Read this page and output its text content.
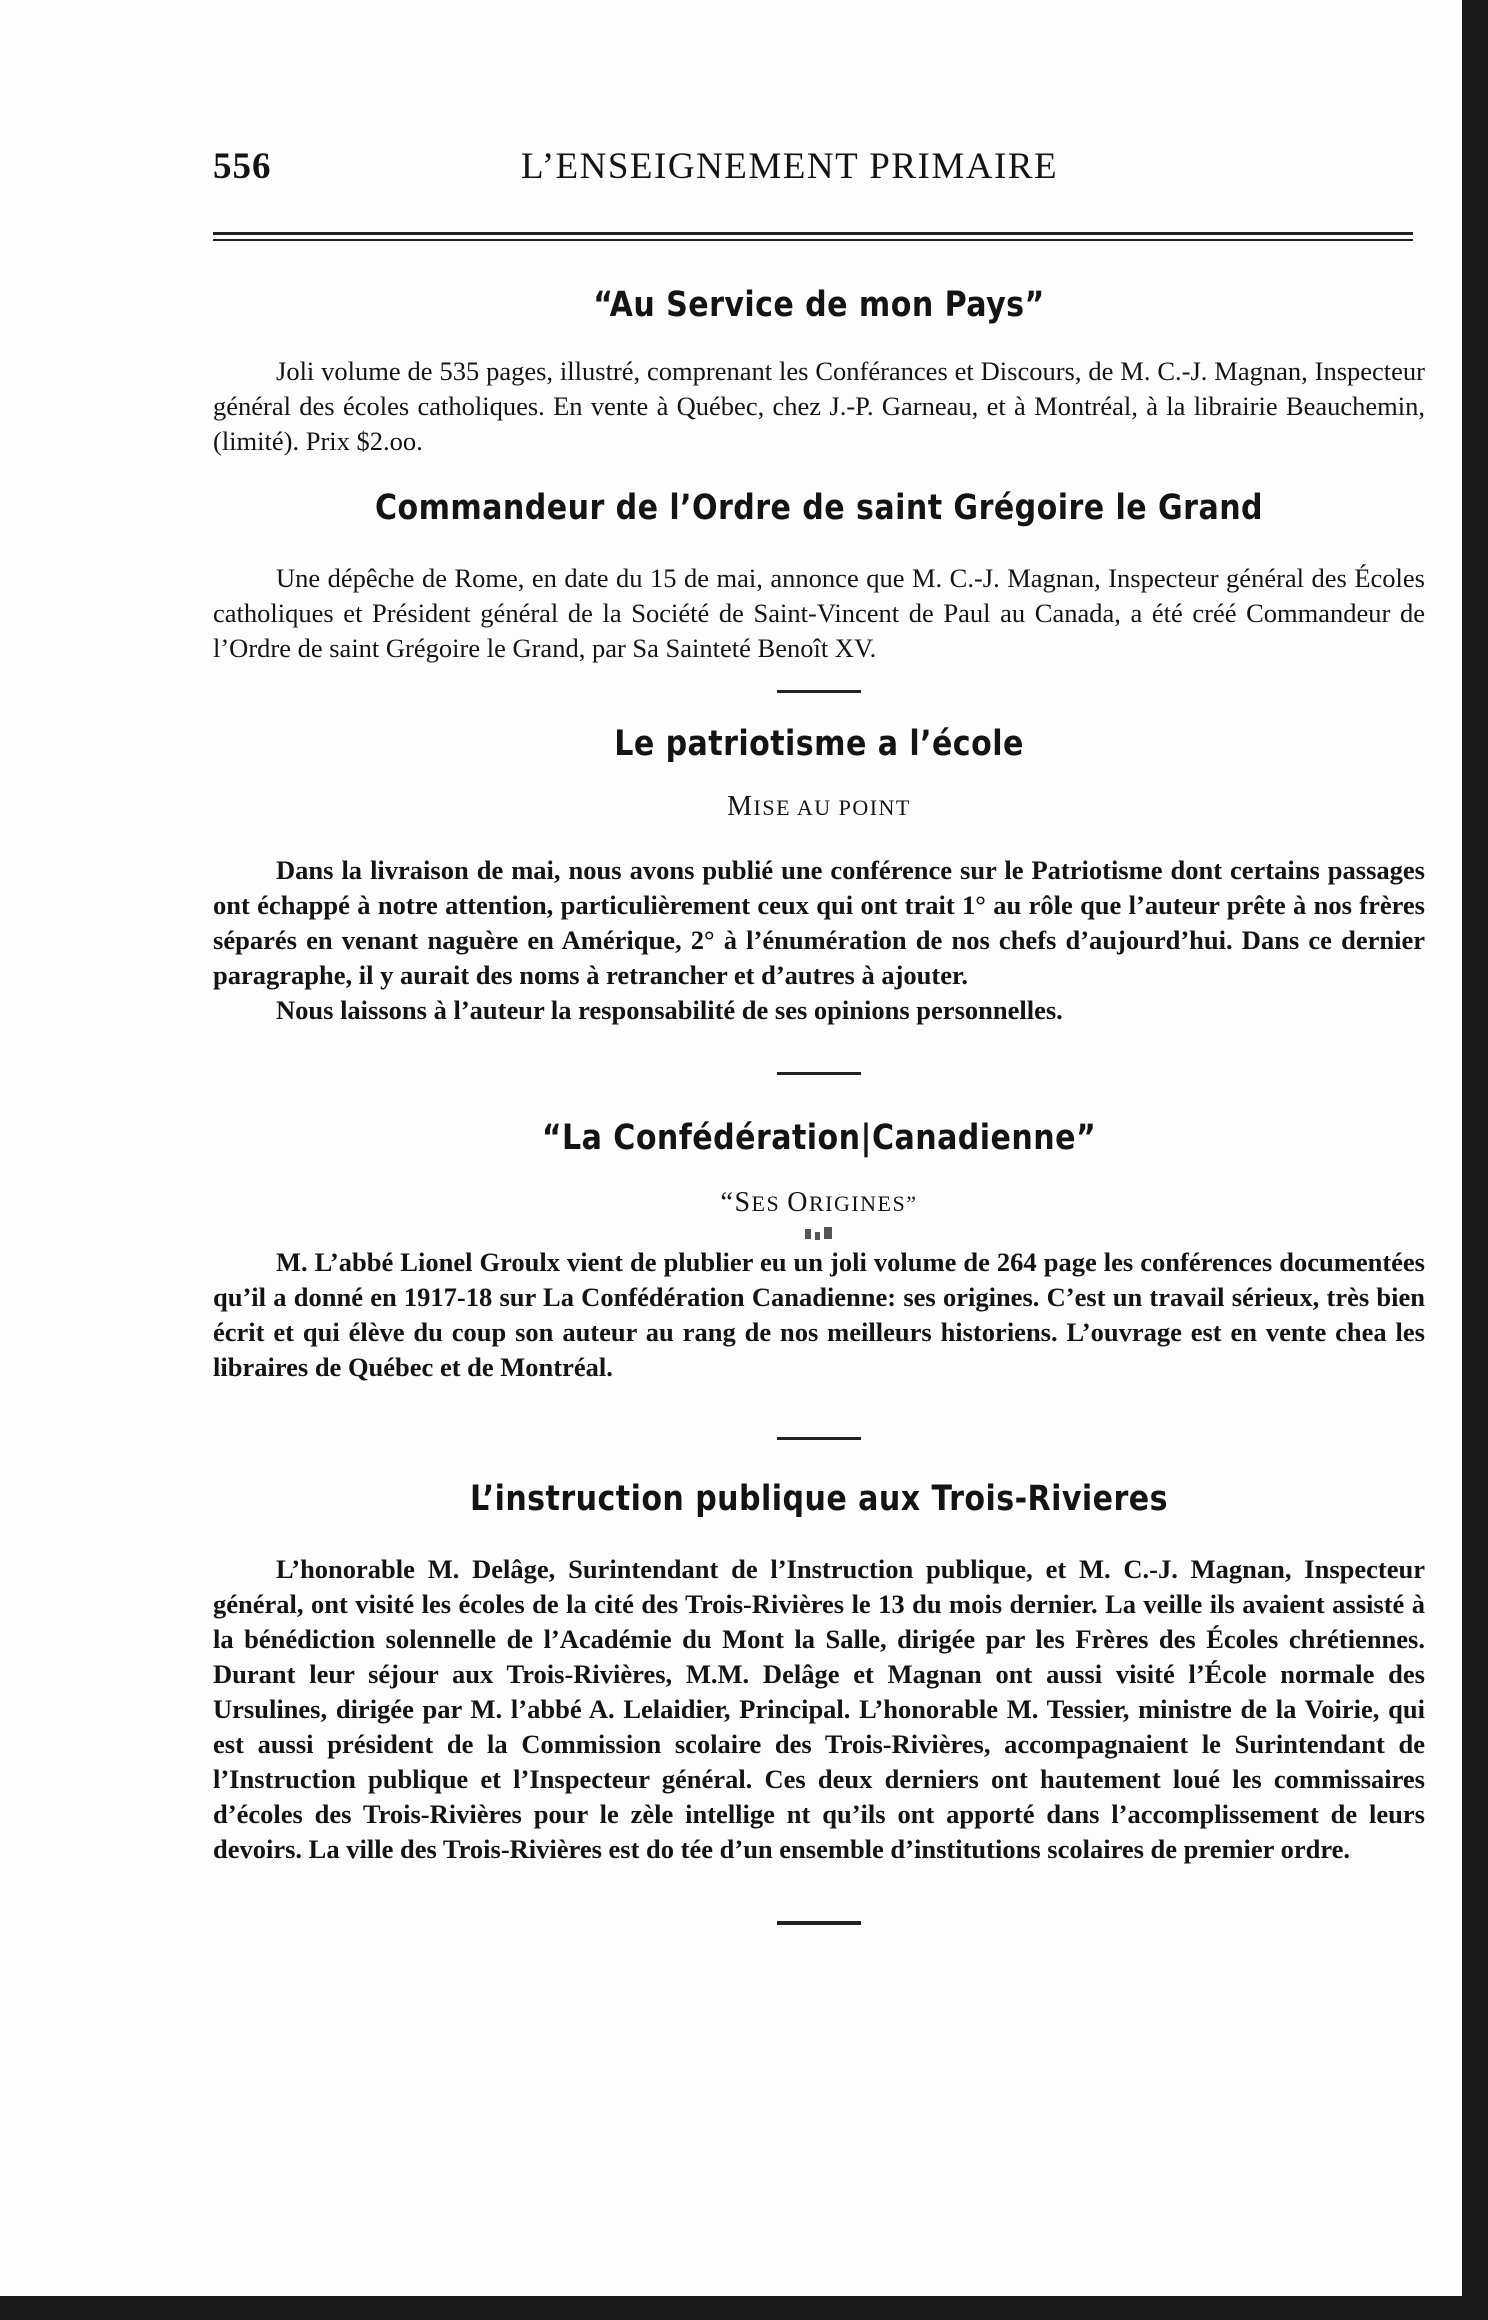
556	L’ENSEIGNEMENT PRIMAIRE
“Au Service de mon Pays”

Joli volume de 535 pages, illustré, comprenant les Conférances et Discours, de M. C.-J. Magnan, Inspecteur général des écoles catholiques. En vente à Québec, chez J.-P. Garneau, et à Montréal, à la librairie Beauchemin, (limité). Prix $2.oo.

Commandeur de l’Ordre de saint Grégoire le Grand

Une dépêche de Rome, en date du 15 de mai, annonce que M. C.-J. Magnan, Inspecteur général des Écoles catholiques et Président général de la Société de Saint-Vincent de Paul au Canada, a été créé Commandeur de l’Ordre de saint Grégoire le Grand, par Sa Sainteté Benoît XV.

Le patriotisme a l’école

MISE AU POINT

Dans la livraison de mai, nous avons publié une conférence sur le Patriotisme dont certains passages ont échappé à notre attention, particulièrement ceux qui ont trait 1° au rôle que l’auteur prête à nos frères séparés en venant naguère en Amérique, 2° à l’énumération de nos chefs d’aujourd’hui. Dans ce dernier paragraphe, il y aurait des noms à retrancher et d’autres à ajouter.

Nous laissons à l’auteur la responsabilité de ses opinions personnelles.

“La Confédération|Canadienne”

“SES ORIGINES”

M. L’abbé Lionel Groulx vient de plublier eu un joli volume de 264 page les conférences documentées qu’il a donné en 1917-18 sur La Confédération Canadienne: ses origines. C’est un travail sérieux, très bien écrit et qui élève du coup son auteur au rang de nos meilleurs historiens. L’ouvrage est en vente chea les libraires de Québec et de Montréal.

L’instruction publique aux Trois-Rivieres

L’honorable M. Delâge, Surintendant de l’Instruction publique, et M. C.-J. Magnan, Inspecteur général, ont visité les écoles de la cité des Trois-Rivières le 13 du mois dernier. La veille ils avaient assisté à la bénédiction solennelle de l’Académie du Mont la Salle, dirigée par les Frères des Écoles chrétiennes. Durant leur séjour aux Trois-Rivières, M.M. Delâge et Magnan ont aussi visité l’École normale des Ursulines, dirigée par M. l’abbé A. Lelaidier, Principal. L’honorable M. Tessier, ministre de la Voirie, qui est aussi président de la Commission scolaire des Trois-Rivières, accompagnaient le Surintendant de l’Instruction publique et l’Inspecteur général. Ces deux derniers ont hautement loué les commissaires d’écoles des Trois-Rivières pour le zèle intellige nt qu’ils ont apporté dans l’accomplissement de leurs devoirs. La ville des Trois-Rivières est do tée d’un ensemble d’institutions scolaires de premier ordre.
